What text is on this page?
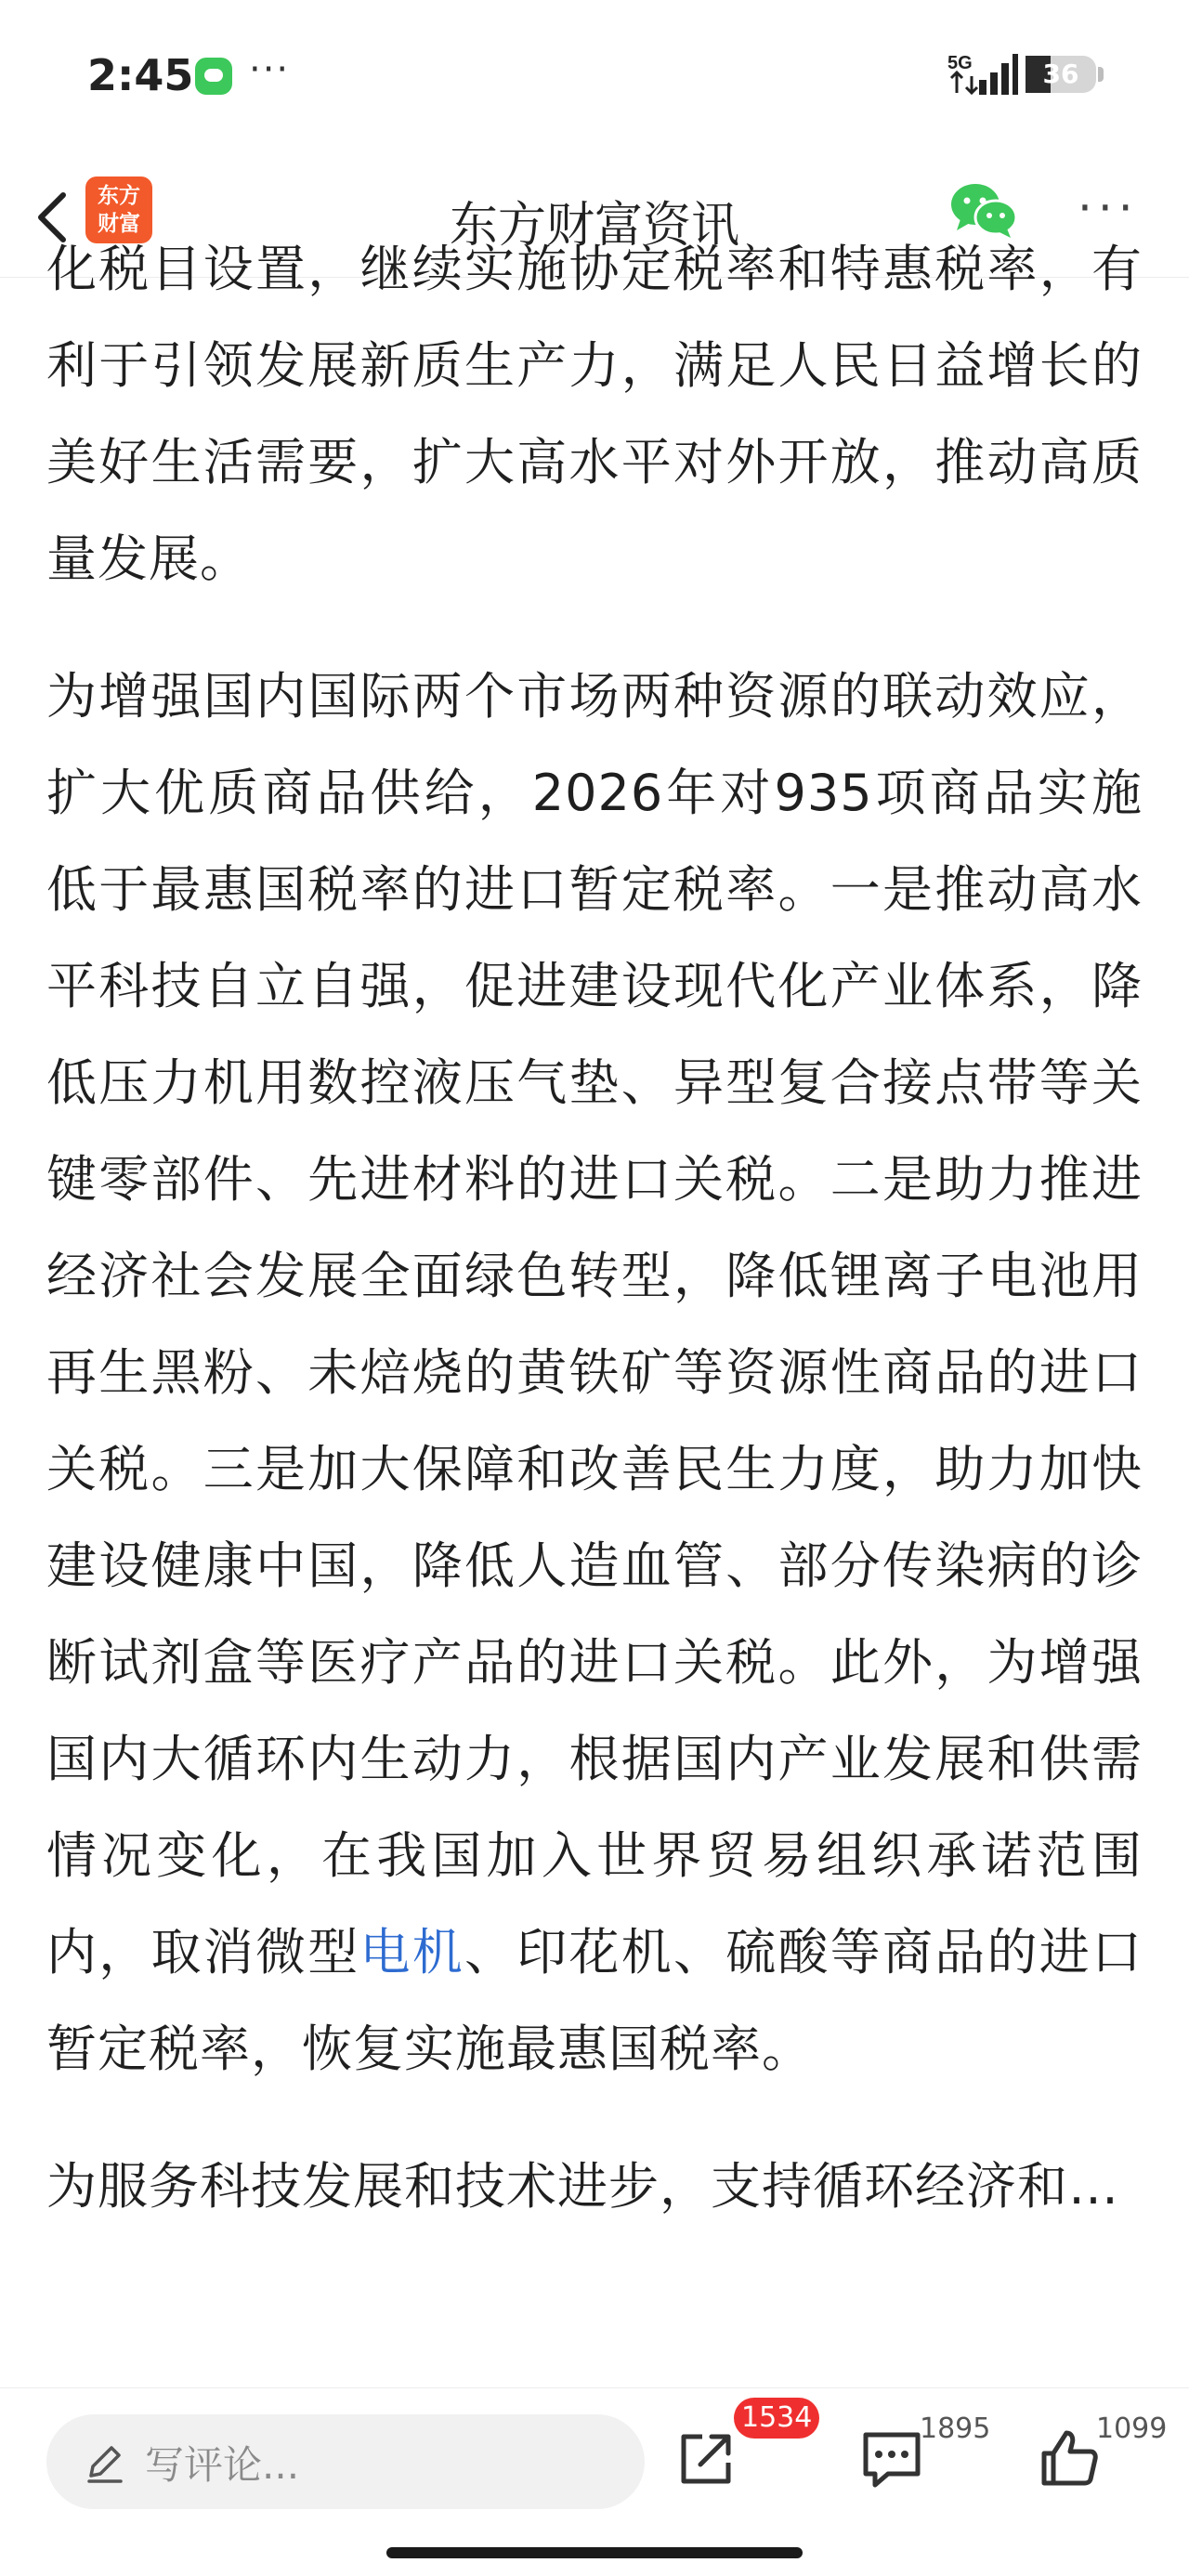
2:45 ···	5G	36
东方
财富	东方财富资讯	···

化税目设置，继续实施协定税率和特惠税率，有利于引领发展新质生产力，满足人民日益增长的美好生活需要，扩大高水平对外开放，推动高质量发展。

为增强国内国际两个市场两种资源的联动效应，扩大优质商品供给，2026年对935项商品实施低于最惠国税率的进口暂定税率。一是推动高水平科技自立自强，促进建设现代化产业体系，降低压力机用数控液压气垫、异型复合接点带等关键零部件、先进材料的进口关税。二是助力推进经济社会发展全面绿色转型，降低锂离子电池用再生黑粉、未焙烧的黄铁矿等资源性商品的进口关税。三是加大保障和改善民生力度，助力加快建设健康中国，降低人造血管、部分传染病的诊断试剂盒等医疗产品的进口关税。此外，为增强国内大循环内生动力，根据国内产业发展和供需情况变化，在我国加入世界贸易组织承诺范围内，取消微型电机、印花机、硫酸等商品的进口暂定税率，恢复实施最惠国税率。

为服务科技发展和技术进步，支持循环经济和…

写评论...
1534	1895	1099
